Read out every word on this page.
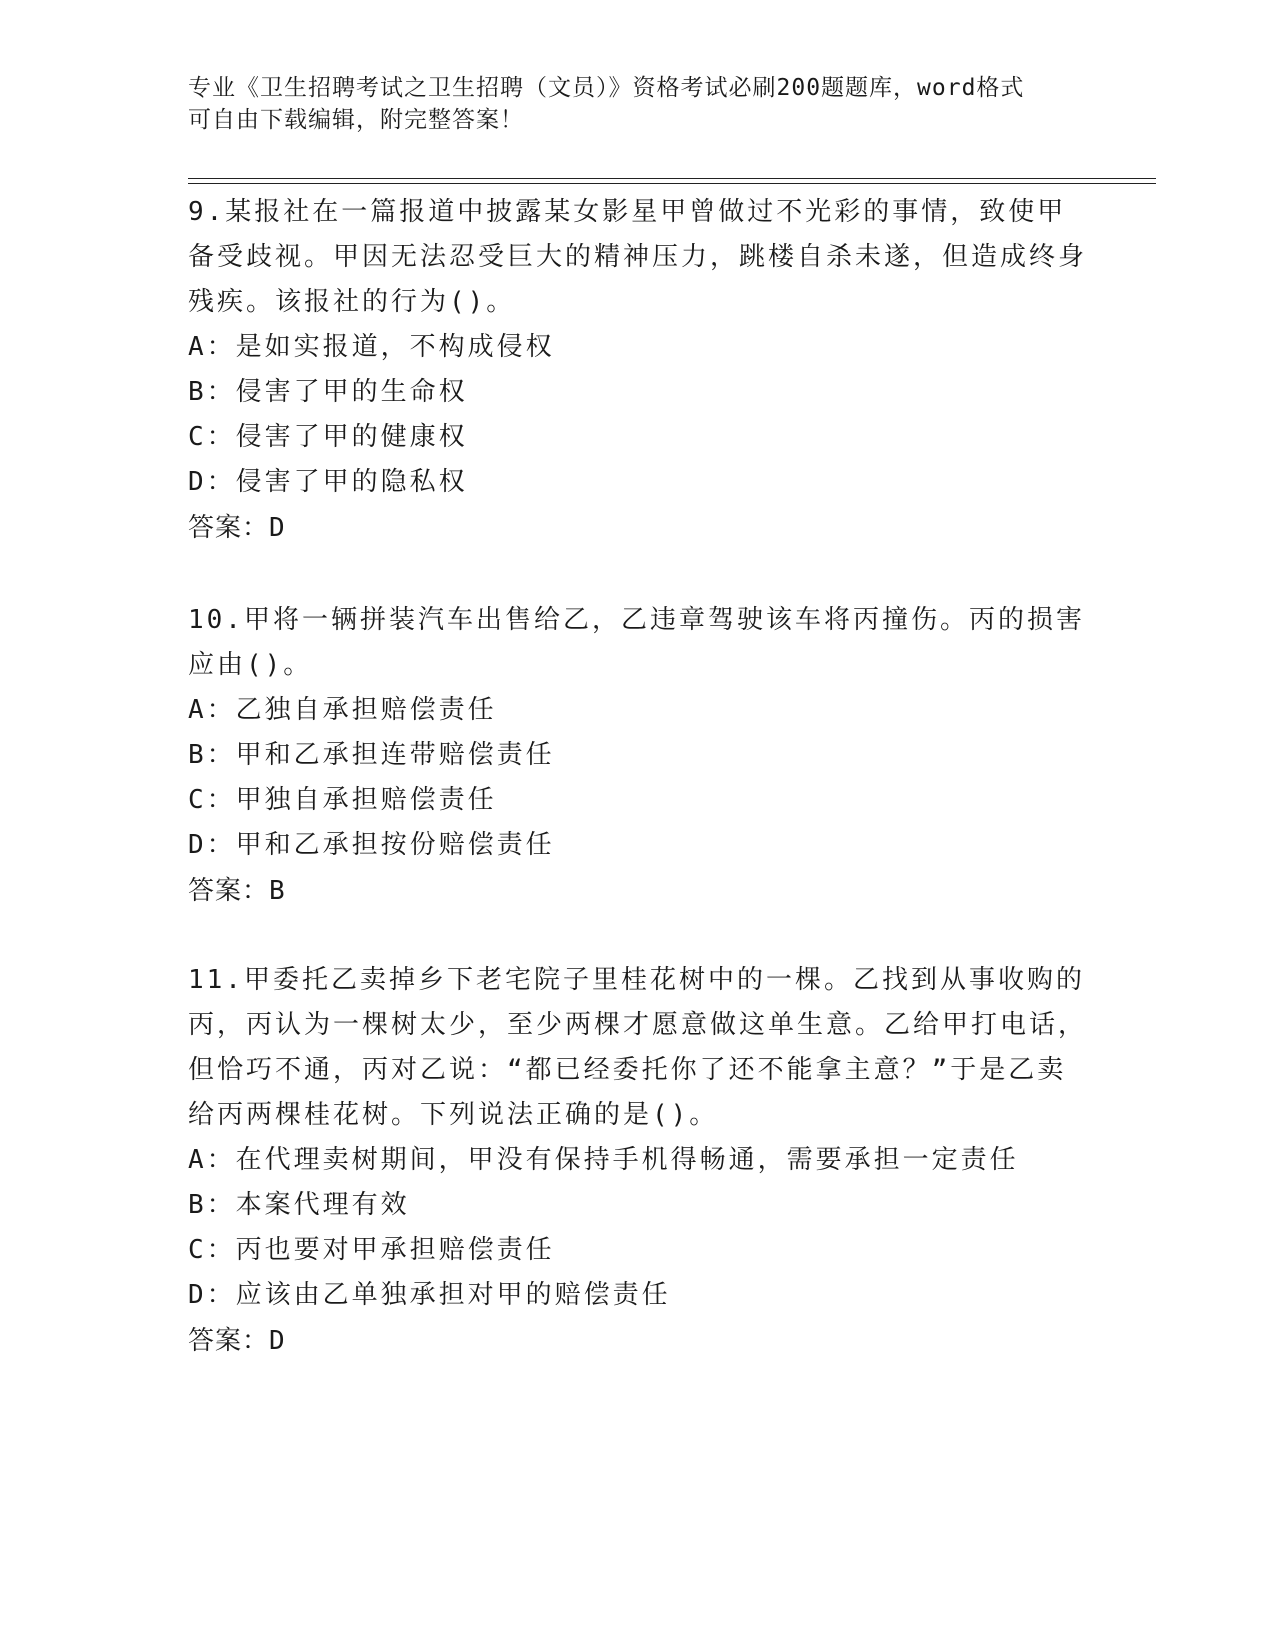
专业《卫生招聘考试之卫生招聘（文员）》资格考试必刷200题题库，word格式
可自由下载编辑，附完整答案！
9.某报社在一篇报道中披露某女影星甲曾做过不光彩的事情，致使甲备受歧视。甲因无法忍受巨大的精神压力，跳楼自杀未遂，但造成终身残疾。该报社的行为()。
A：是如实报道，不构成侵权
B：侵害了甲的生命权
C：侵害了甲的健康权
D：侵害了甲的隐私权
答案：D
10.甲将一辆拼装汽车出售给乙，乙违章驾驶该车将丙撞伤。丙的损害应由()。
A：乙独自承担赔偿责任
B：甲和乙承担连带赔偿责任
C：甲独自承担赔偿责任
D：甲和乙承担按份赔偿责任
答案：B
11.甲委托乙卖掉乡下老宅院子里桂花树中的一棵。乙找到从事收购的丙，丙认为一棵树太少，至少两棵才愿意做这单生意。乙给甲打电话，但恰巧不通，丙对乙说：“都已经委托你了还不能拿主意？”于是乙卖给丙两棵桂花树。下列说法正确的是()。
A：在代理卖树期间，甲没有保持手机得畅通，需要承担一定责任
B：本案代理有效
C：丙也要对甲承担赔偿责任
D：应该由乙单独承担对甲的赔偿责任
答案：D
